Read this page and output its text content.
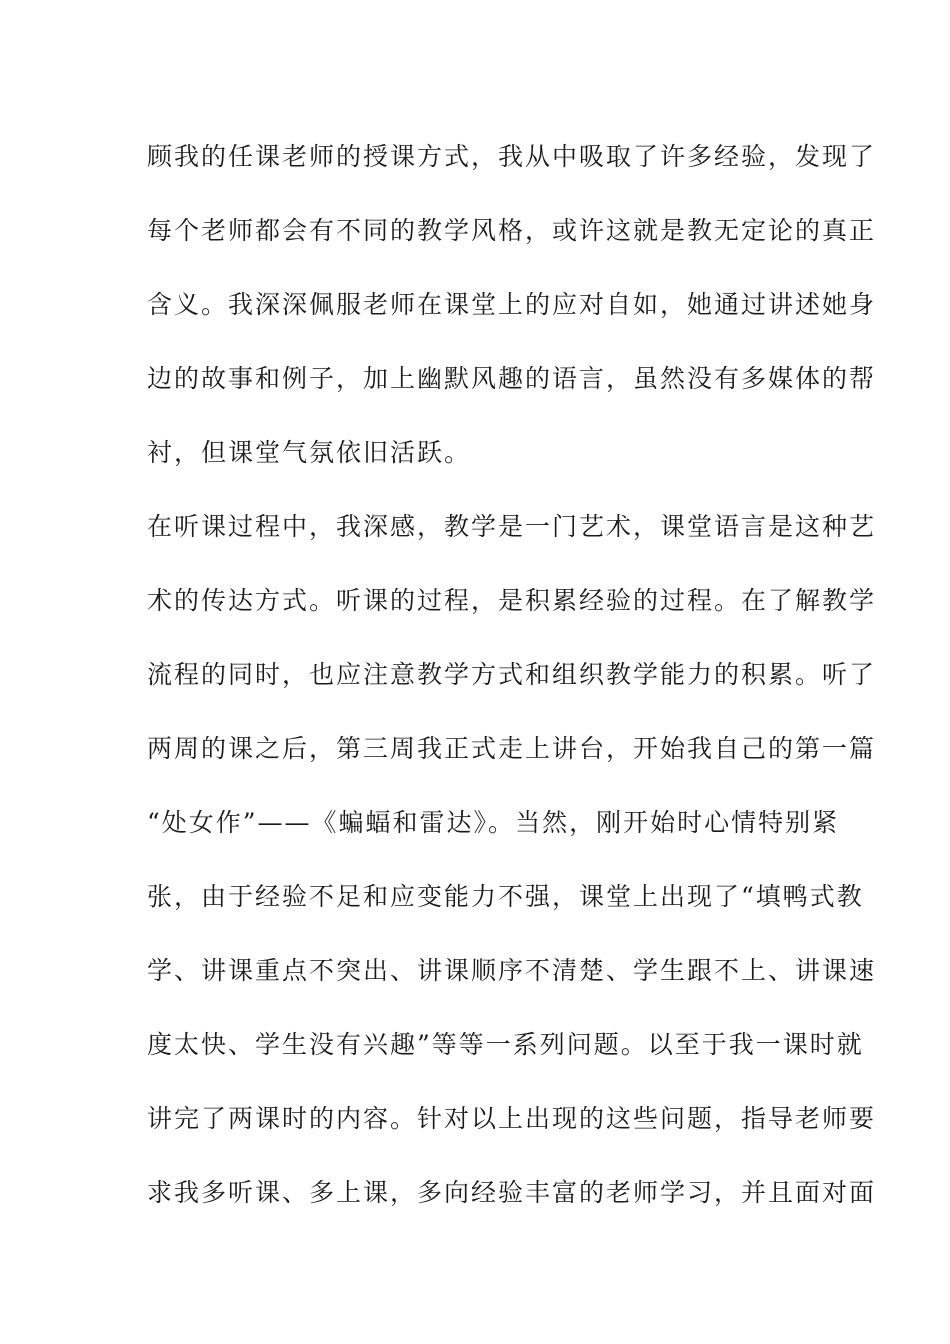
顾我的任课老师的授课方式，我从中吸取了许多经验，发现了
每个老师都会有不同的教学风格，或许这就是教无定论的真正
含义。我深深佩服老师在课堂上的应对自如，她通过讲述她身
边的故事和例子，加上幽默风趣的语言，虽然没有多媒体的帮
衬，但课堂气氛依旧活跃。
在听课过程中，我深感，教学是一门艺术，课堂语言是这种艺
术的传达方式。听课的过程，是积累经验的过程。在了解教学
流程的同时，也应注意教学方式和组织教学能力的积累。听了
两周的课之后，第三周我正式走上讲台，开始我自己的第一篇
“处女作”——《蝙蝠和雷达》。当然，刚开始时心情特别紧
张，由于经验不足和应变能力不强，课堂上出现了“填鸭式教
学、讲课重点不突出、讲课顺序不清楚、学生跟不上、讲课速
度太快、学生没有兴趣”等等一系列问题。以至于我一课时就
讲完了两课时的内容。针对以上出现的这些问题，指导老师要
求我多听课、多上课，多向经验丰富的老师学习，并且面对面
